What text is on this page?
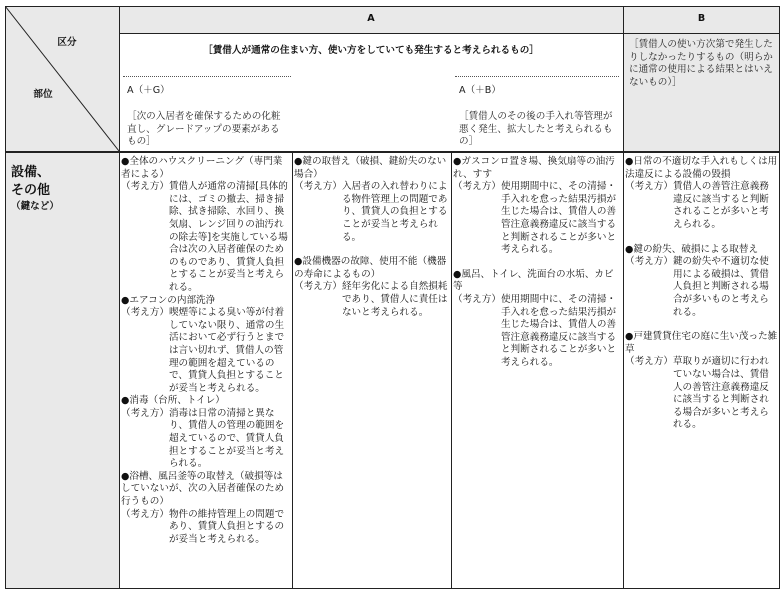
区分
部位
A	B
［賃借人が通常の住まい方、使い方をしていても発生すると考えられるもの］
［賃借人の使い方次第で発生したりしなかったりするもの（明らかに通常の使用による結果とはいえないもの）］
A（＋G）
［次の入居者を確保するための化粧直し、グレードアップの要素があるもの］
A（＋B）
［賃借人のその後の手入れ等管理が悪く発生、拡大したと考えられるもの］
設備、
その他
（鍵など）
●全体のハウスクリーニング（専門業者による）
（考え方） 賃借人が通常の清掃[具体的には、ゴミの撤去、掃き掃除、拭き掃除、水回り、換気扇、レンジ回りの油汚れの除去等]を実施している場合は次の入居者確保のためのものであり、賃貸人負担とすることが妥当と考えられる。
●エアコンの内部洗浄
（考え方） 喫煙等による臭い等が付着していない限り、通常の生活において必ず行うとまでは言い切れず、賃借人の管理の範囲を超えているので、賃貸人負担とすることが妥当と考えられる。
●消毒（台所、トイレ）
（考え方） 消毒は日常の清掃と異なり、賃借人の管理の範囲を超えているので、賃貸人負担とすることが妥当と考えられる。
●浴槽、風呂釜等の取替え（破損等はしていないが、次の入居者確保のため行うもの）
（考え方） 物件の維持管理上の問題であり、賃貸人負担とするのが妥当と考えられる。
●鍵の取替え（破損、鍵紛失のない場合）
（考え方） 入居者の入れ替わりによる物件管理上の問題であり、賃貸人の負担とすることが妥当と考えられる。
●設備機器の故障、使用不能（機器の寿命によるもの）
（考え方） 経年劣化による自然損耗であり、賃借人に責任はないと考えられる。
●ガスコンロ置き場、換気扇等の油汚れ、すす
（考え方） 使用期間中に、その清掃・手入れを怠った結果汚損が生じた場合は、賃借人の善管注意義務違反に該当すると判断されることが多いと考えられる。
●風呂、トイレ、洗面台の水垢、カビ等
（考え方） 使用期間中に、その清掃・手入れを怠った結果汚損が生じた場合は、賃借人の善管注意義務違反に該当すると判断されることが多いと考えられる。
●日常の不適切な手入れもしくは用法違反による設備の毀損
（考え方） 賃借人の善管注意義務違反に該当すると判断されることが多いと考えられる。
●鍵の紛失、破損による取替え
（考え方） 鍵の紛失や不適切な使用による破損は、賃借人負担と判断される場合が多いものと考えられる。
●戸建賃貸住宅の庭に生い茂った雑草
（考え方） 草取りが適切に行われていない場合は、賃借人の善管注意義務違反に該当すると判断される場合が多いと考えられる。
